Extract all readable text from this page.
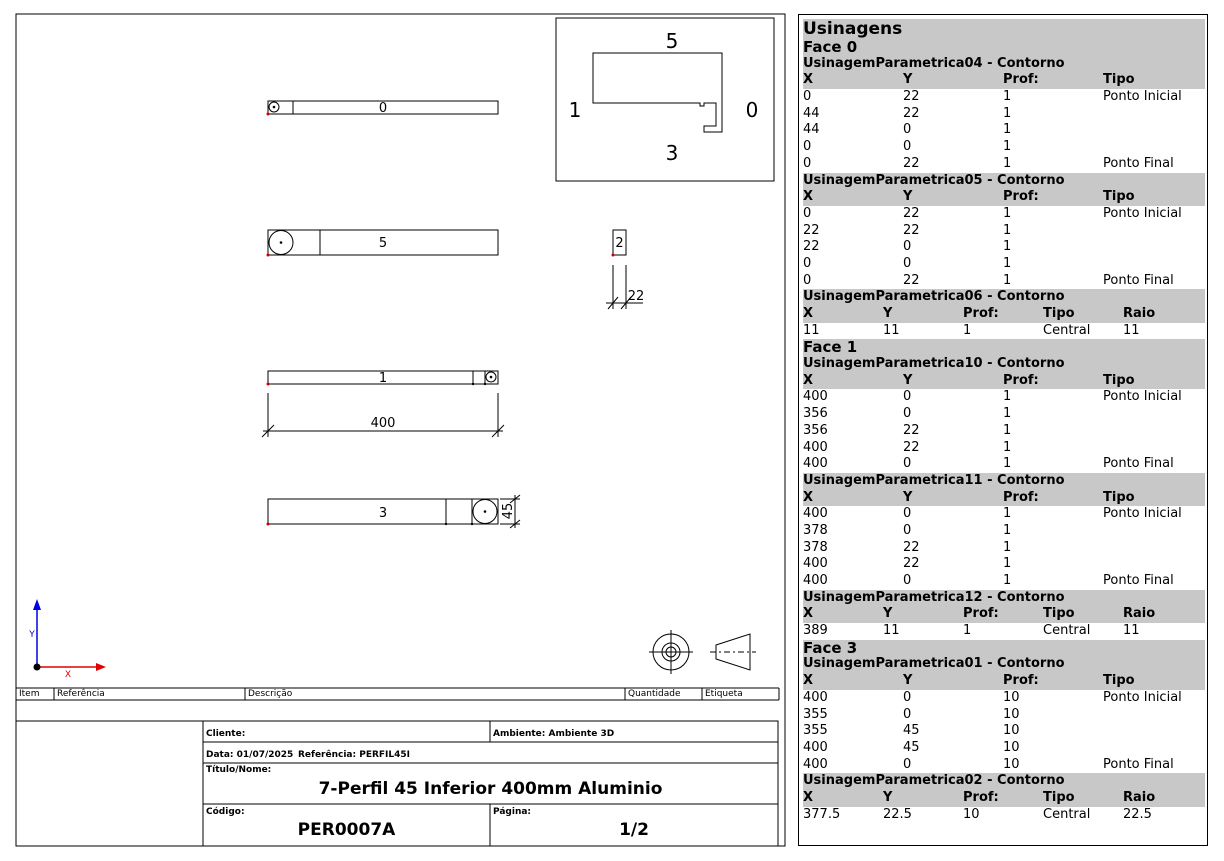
5
1	0
3
0
5	2
22
1
400
3	45
X
Y
Item Referência	Descrição	Quantidade	Etiqueta
Cliente:	Ambiente: Ambiente 3D
Data: 01/07/2025 Referência: PERFIL45I
Título/Nome:
7-Perfil 45 Inferior 400mm Aluminio
Código:
PER0007A
Página:
1/2
Usinagens
Face 0
UsinagemParametrica04 - Contorno
X	Y	Prof:	Tipo
0	22	1	Ponto Inicial
44	22	1
44	0	1
0	0	1
0	22	1	Ponto Final
UsinagemParametrica05 - Contorno
X	Y	Prof:	Tipo
0	22	1	Ponto Inicial
22	22	1
22	0	1
0	0	1
0	22	1	Ponto Final
UsinagemParametrica06 - Contorno
X	Y	Prof:	Tipo	Raio
11	11	1	Central	11
Face 1
UsinagemParametrica10 - Contorno
X	Y	Prof:	Tipo
400	0	1	Ponto Inicial
356	0	1
356	22	1
400	22	1
400	0	1	Ponto Final
UsinagemParametrica11 - Contorno
X	Y	Prof:	Tipo
400	0	1	Ponto Inicial
378	0	1
378	22	1
400	22	1
400	0	1	Ponto Final
UsinagemParametrica12 - Contorno
X	Y	Prof:	Tipo	Raio
389	11	1	Central	11
Face 3
UsinagemParametrica01 - Contorno
X	Y	Prof:	Tipo
400	0	10	Ponto Inicial
355	0	10
355	45	10
400	45	10
400	0	10	Ponto Final
UsinagemParametrica02 - Contorno
X	Y	Prof:	Tipo	Raio
377.5	22.5	10	Central	22.5
